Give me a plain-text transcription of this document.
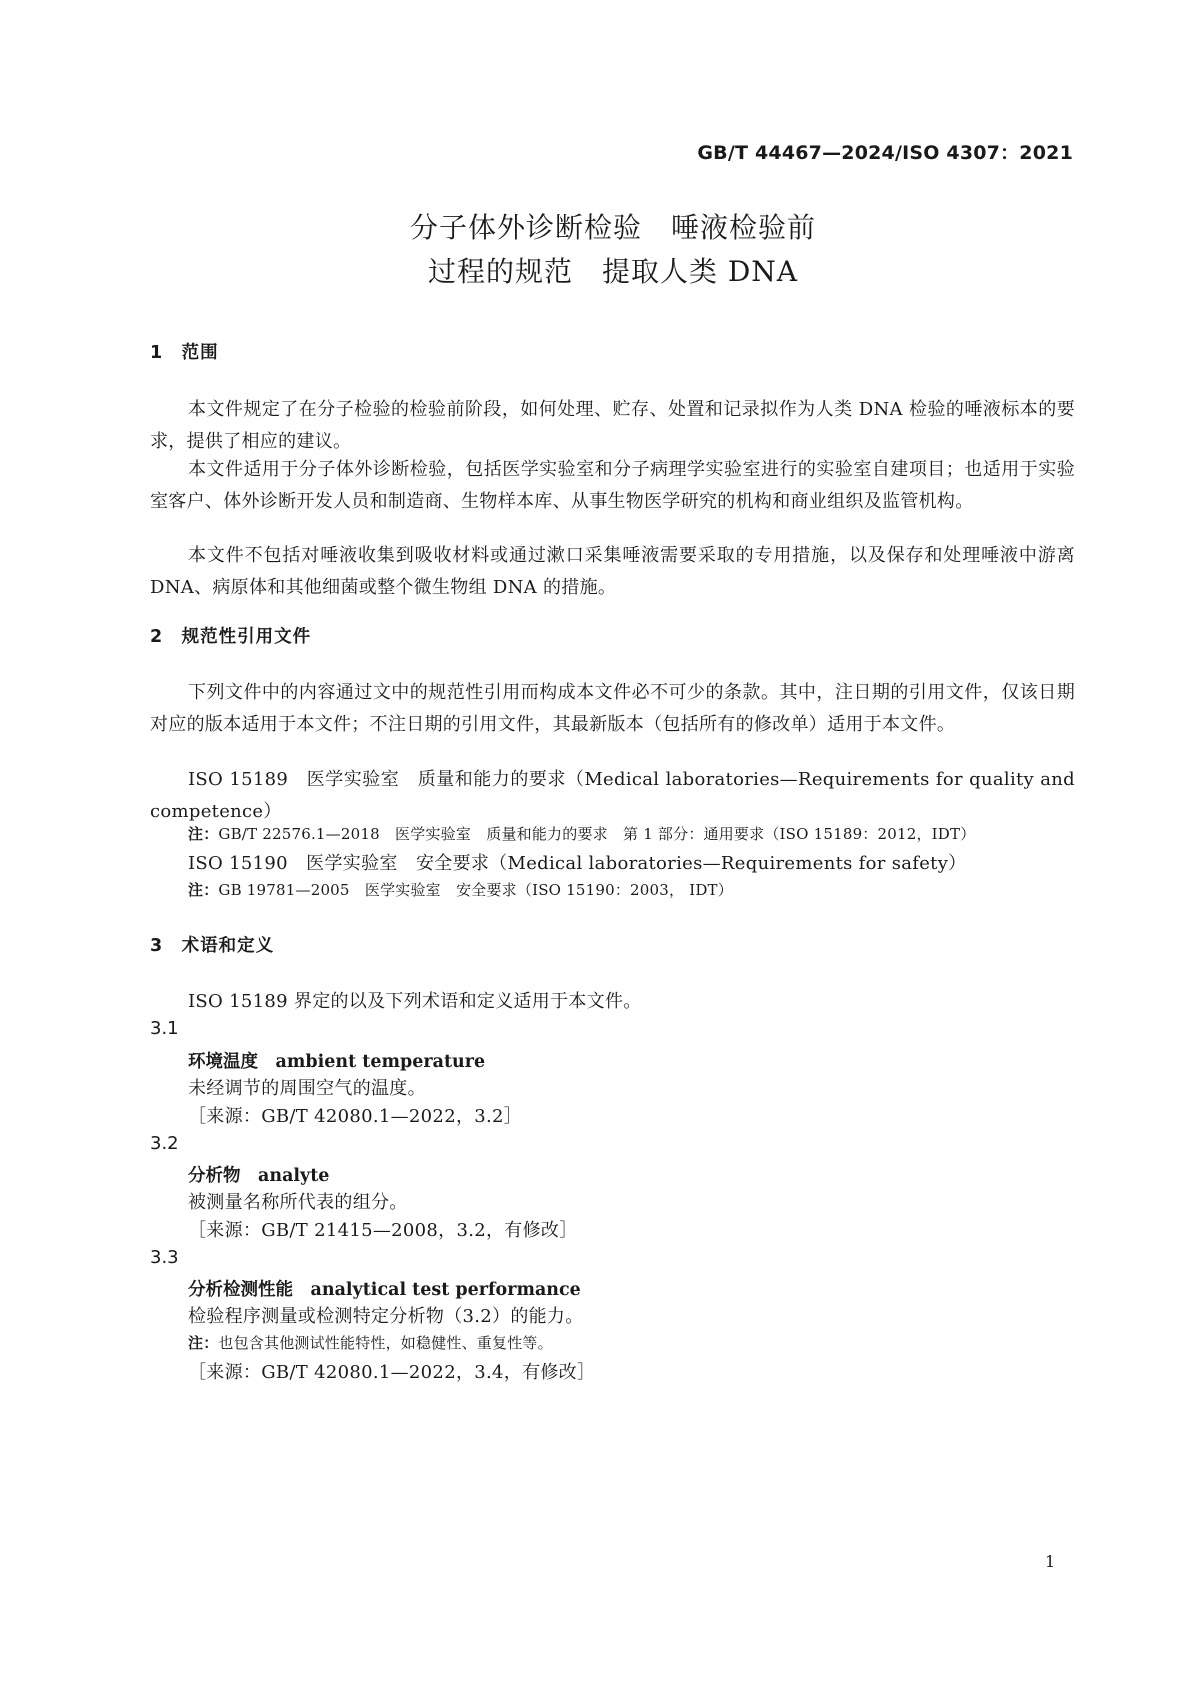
GB/T 44467—2024/ISO 4307：2021
分子体外诊断检验　唾液检验前
过程的规范　提取人类 DNA
1　范围
本文件规定了在分子检验的检验前阶段，如何处理、贮存、处置和记录拟作为人类 DNA 检验的唾液标本的要求，提供了相应的建议。
本文件适用于分子体外诊断检验，包括医学实验室和分子病理学实验室进行的实验室自建项目；也适用于实验室客户、体外诊断开发人员和制造商、生物样本库、从事生物医学研究的机构和商业组织及监管机构。
本文件不包括对唾液收集到吸收材料或通过漱口采集唾液需要采取的专用措施，以及保存和处理唾液中游离 DNA、病原体和其他细菌或整个微生物组 DNA 的措施。
2　规范性引用文件
下列文件中的内容通过文中的规范性引用而构成本文件必不可少的条款。其中，注日期的引用文件，仅该日期对应的版本适用于本文件；不注日期的引用文件，其最新版本（包括所有的修改单）适用于本文件。
ISO 15189　医学实验室　质量和能力的要求（Medical laboratories—Requirements for quality and competence）
注：GB/T 22576.1—2018　医学实验室　质量和能力的要求　第 1 部分：通用要求（ISO 15189：2012，IDT）
ISO 15190　医学实验室　安全要求（Medical laboratories—Requirements for safety）
注：GB 19781—2005　医学实验室　安全要求（ISO 15190：2003， IDT）
3　术语和定义
ISO 15189 界定的以及下列术语和定义适用于本文件。
3.1
环境温度　 ambient temperature
未经调节的周围空气的温度。
［来源：GB/T 42080.1—2022，3.2］
3.2
分析物　 analyte
被测量名称所代表的组分。
［来源：GB/T 21415—2008，3.2，有修改］
3.3
分析检测性能　 analytical test performance
检验程序测量或检测特定分析物（3.2）的能力。
注：也包含其他测试性能特性，如稳健性、重复性等。
［来源：GB/T 42080.1—2022，3.4，有修改］
1
